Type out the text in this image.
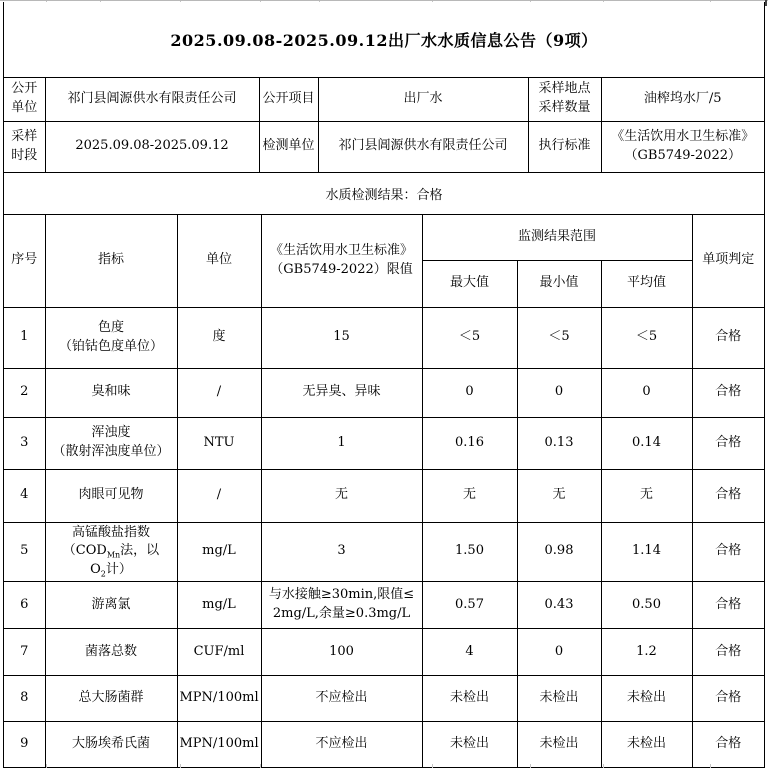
2025.09.08-2025.09.12出厂水水质信息公告（9项）
公开
单位	祁门县阊源供水有限责任公司	公开项目	出厂水	采样地点
采样数量	油榨坞水厂/5
采样
时段	2025.09.08-2025.09.12	检测单位	祁门县阊源供水有限责任公司	执行标准	《生活饮用水卫生标准》
（GB5749-2022）
水质检测结果：合格
序号	指标	单位	《生活饮用水卫生标准》
（GB5749-2022）限值	监测结果范围			单项判定
				最大值	最小值	平均值	
1	色度
（铂钴色度单位）	度	15	＜5	＜5	＜5	合格
2	臭和味	/	无异臭、异味	0	0	0	合格
3	浑浊度
（散射浑浊度单位）	NTU	1	0.16	0.13	0.14	合格
4	肉眼可见物	/	无	无	无	无	合格
5	高锰酸盐指数
（$COD_{Mn}$法，以
$O_2$计）	mg/L	3	1.50	0.98	1.14	合格
6	游离氯	mg/L	与水接触≥30min,限值≤
2mg/L,余量≥0.3mg/L	0.57	0.43	0.50	合格
7	菌落总数	CUF/ml	100	4	0	1.2	合格
8	总大肠菌群	MPN/100ml	不应检出	未检出	未检出	未检出	合格
9	大肠埃希氏菌	MPN/100ml	不应检出	未检出	未检出	未检出	合格
